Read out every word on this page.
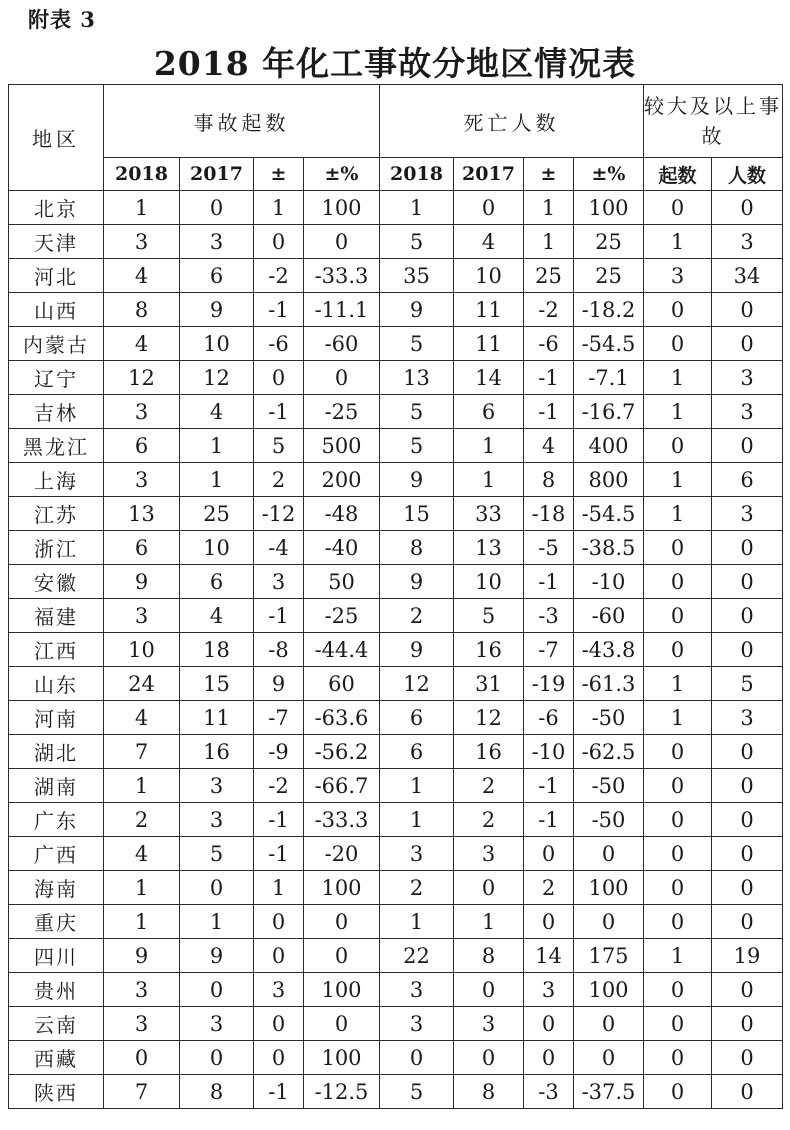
附表 3
2018 年化工事故分地区情况表
地区	事故起数				死亡人数				较大及以上事故	
	2018	2017	±	±%	2018	2017	±	±%	起数	人数
北京	1	0	1	100	1	0	1	100	0	0
天津	3	3	0	0	5	4	1	25	1	3
河北	4	6	-2	-33.3	35	10	25	25	3	34
山西	8	9	-1	-11.1	9	11	-2	-18.2	0	0
内蒙古	4	10	-6	-60	5	11	-6	-54.5	0	0
辽宁	12	12	0	0	13	14	-1	-7.1	1	3
吉林	3	4	-1	-25	5	6	-1	-16.7	1	3
黑龙江	6	1	5	500	5	1	4	400	0	0
上海	3	1	2	200	9	1	8	800	1	6
江苏	13	25	-12	-48	15	33	-18	-54.5	1	3
浙江	6	10	-4	-40	8	13	-5	-38.5	0	0
安徽	9	6	3	50	9	10	-1	-10	0	0
福建	3	4	-1	-25	2	5	-3	-60	0	0
江西	10	18	-8	-44.4	9	16	-7	-43.8	0	0
山东	24	15	9	60	12	31	-19	-61.3	1	5
河南	4	11	-7	-63.6	6	12	-6	-50	1	3
湖北	7	16	-9	-56.2	6	16	-10	-62.5	0	0
湖南	1	3	-2	-66.7	1	2	-1	-50	0	0
广东	2	3	-1	-33.3	1	2	-1	-50	0	0
广西	4	5	-1	-20	3	3	0	0	0	0
海南	1	0	1	100	2	0	2	100	0	0
重庆	1	1	0	0	1	1	0	0	0	0
四川	9	9	0	0	22	8	14	175	1	19
贵州	3	0	3	100	3	0	3	100	0	0
云南	3	3	0	0	3	3	0	0	0	0
西藏	0	0	0	100	0	0	0	0	0	0
陕西	7	8	-1	-12.5	5	8	-3	-37.5	0	0
